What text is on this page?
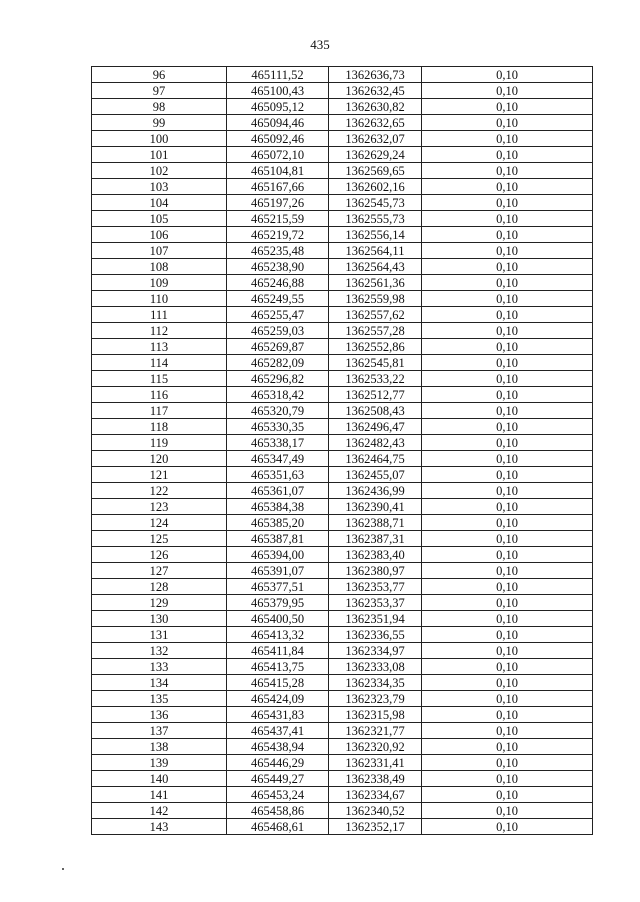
435
96	465111,52	1362636,73	0,10
97	465100,43	1362632,45	0,10
98	465095,12	1362630,82	0,10
99	465094,46	1362632,65	0,10
100	465092,46	1362632,07	0,10
101	465072,10	1362629,24	0,10
102	465104,81	1362569,65	0,10
103	465167,66	1362602,16	0,10
104	465197,26	1362545,73	0,10
105	465215,59	1362555,73	0,10
106	465219,72	1362556,14	0,10
107	465235,48	1362564,11	0,10
108	465238,90	1362564,43	0,10
109	465246,88	1362561,36	0,10
110	465249,55	1362559,98	0,10
111	465255,47	1362557,62	0,10
112	465259,03	1362557,28	0,10
113	465269,87	1362552,86	0,10
114	465282,09	1362545,81	0,10
115	465296,82	1362533,22	0,10
116	465318,42	1362512,77	0,10
117	465320,79	1362508,43	0,10
118	465330,35	1362496,47	0,10
119	465338,17	1362482,43	0,10
120	465347,49	1362464,75	0,10
121	465351,63	1362455,07	0,10
122	465361,07	1362436,99	0,10
123	465384,38	1362390,41	0,10
124	465385,20	1362388,71	0,10
125	465387,81	1362387,31	0,10
126	465394,00	1362383,40	0,10
127	465391,07	1362380,97	0,10
128	465377,51	1362353,77	0,10
129	465379,95	1362353,37	0,10
130	465400,50	1362351,94	0,10
131	465413,32	1362336,55	0,10
132	465411,84	1362334,97	0,10
133	465413,75	1362333,08	0,10
134	465415,28	1362334,35	0,10
135	465424,09	1362323,79	0,10
136	465431,83	1362315,98	0,10
137	465437,41	1362321,77	0,10
138	465438,94	1362320,92	0,10
139	465446,29	1362331,41	0,10
140	465449,27	1362338,49	0,10
141	465453,24	1362334,67	0,10
142	465458,86	1362340,52	0,10
143	465468,61	1362352,17	0,10
